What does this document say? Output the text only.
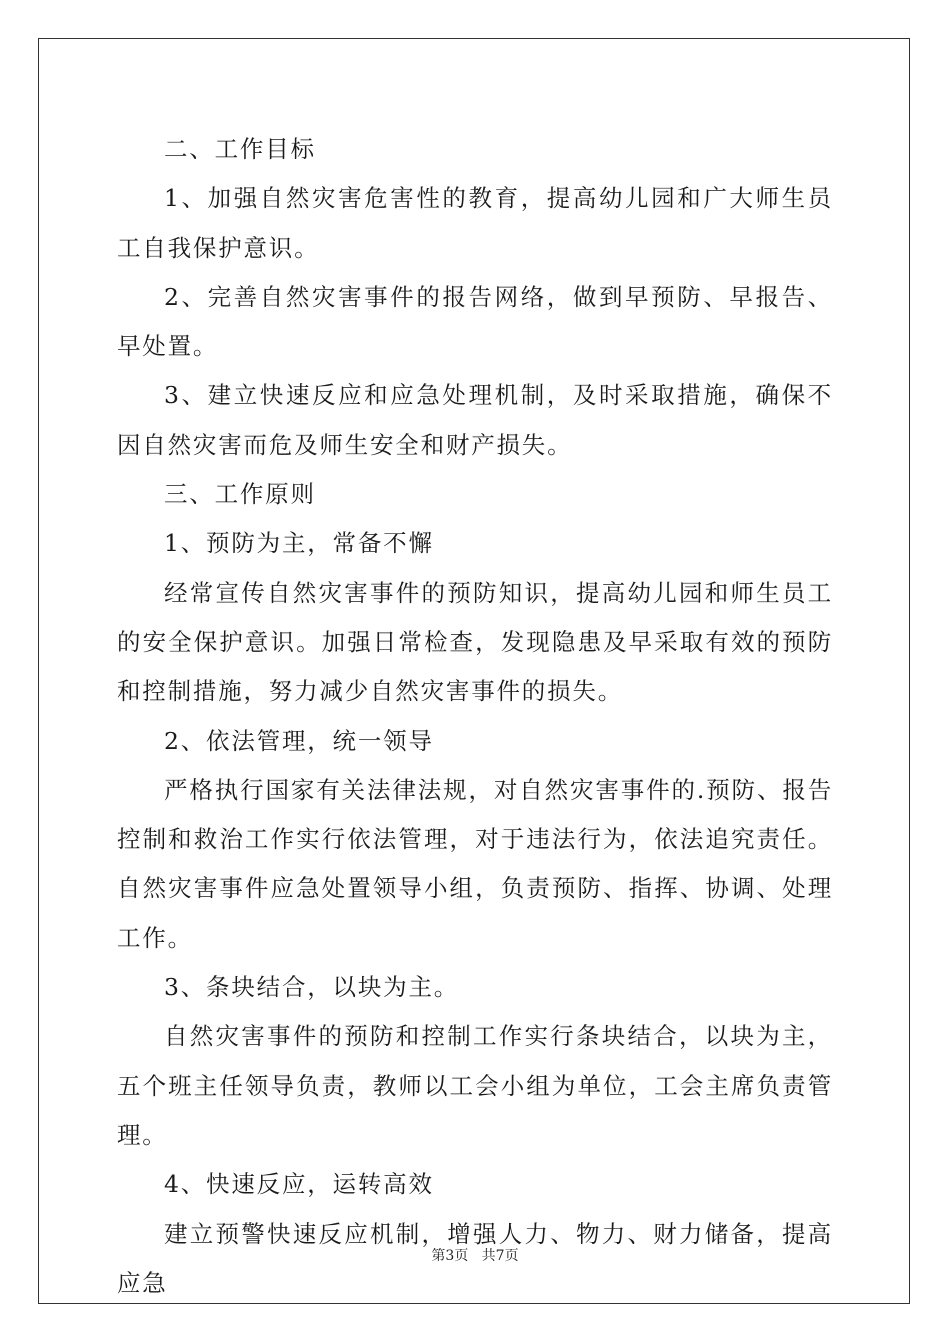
二、工作目标

1、加强自然灾害危害性的教育，提高幼儿园和广大师生员工自我保护意识。

2、完善自然灾害事件的报告网络，做到早预防、早报告、早处置。

3、建立快速反应和应急处理机制，及时采取措施，确保不因自然灾害而危及师生安全和财产损失。

三、工作原则

1、预防为主，常备不懈

经常宣传自然灾害事件的预防知识，提高幼儿园和师生员工的安全保护意识。加强日常检查，发现隐患及早采取有效的预防和控制措施，努力减少自然灾害事件的损失。

2、依法管理，统一领导

严格执行国家有关法律法规，对自然灾害事件的.预防、报告控制和救治工作实行依法管理，对于违法行为，依法追究责任。自然灾害事件应急处置领导小组，负责预防、指挥、协调、处理工作。

3、条块结合，以块为主。

自然灾害事件的预防和控制工作实行条块结合，以块为主，五个班主任领导负责，教师以工会小组为单位，工会主席负责管理。

4、快速反应，运转高效

建立预警快速反应机制，增强人力、物力、财力储备，提高应急

第3页   共7页
